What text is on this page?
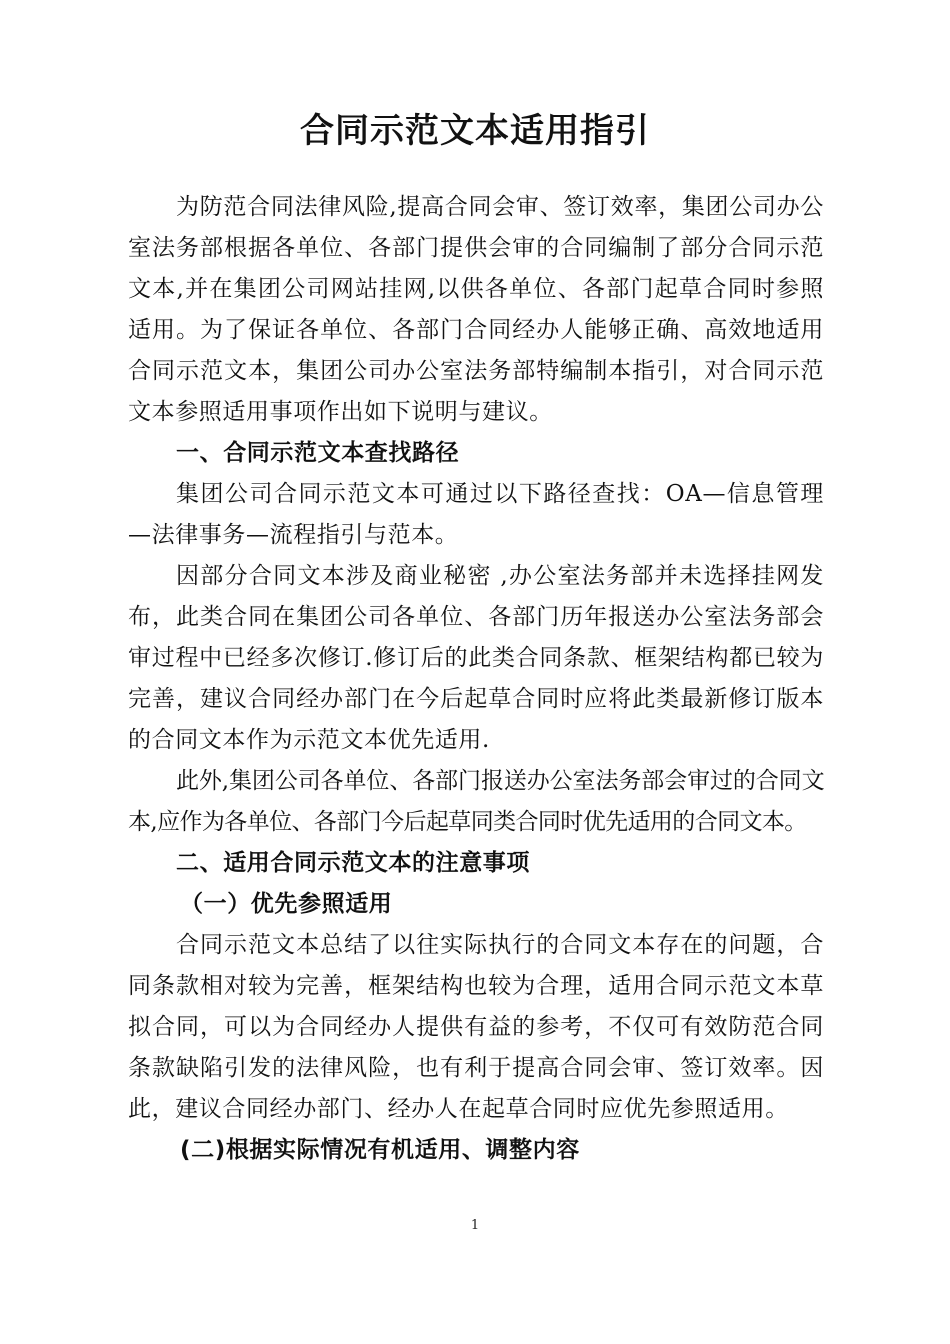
合同示范文本适用指引

为防范合同法律风险,提高合同会审、签订效率，集团公司办公室法务部根据各单位、各部门提供会审的合同编制了部分合同示范文本,并在集团公司网站挂网,以供各单位、各部门起草合同时参照适用。为了保证各单位、各部门合同经办人能够正确、高效地适用合同示范文本，集团公司办公室法务部特编制本指引，对合同示范文本参照适用事项作出如下说明与建议。

一、合同示范文本查找路径

集团公司合同示范文本可通过以下路径查找：OA—信息管理—法律事务—流程指引与范本。

因部分合同文本涉及商业秘密 ,办公室法务部并未选择挂网发布，此类合同在集团公司各单位、各部门历年报送办公室法务部会审过程中已经多次修订.修订后的此类合同条款、框架结构都已较为完善，建议合同经办部门在今后起草合同时应将此类最新修订版本的合同文本作为示范文本优先适用.

此外,集团公司各单位、各部门报送办公室法务部会审过的合同文本,应作为各单位、各部门今后起草同类合同时优先适用的合同文本。

二、适用合同示范文本的注意事项

（一）优先参照适用

合同示范文本总结了以往实际执行的合同文本存在的问题，合同条款相对较为完善，框架结构也较为合理，适用合同示范文本草拟合同，可以为合同经办人提供有益的参考，不仅可有效防范合同条款缺陷引发的法律风险，也有利于提高合同会审、签订效率。因此，建议合同经办部门、经办人在起草合同时应优先参照适用。

(二)根据实际情况有机适用、调整内容

1
